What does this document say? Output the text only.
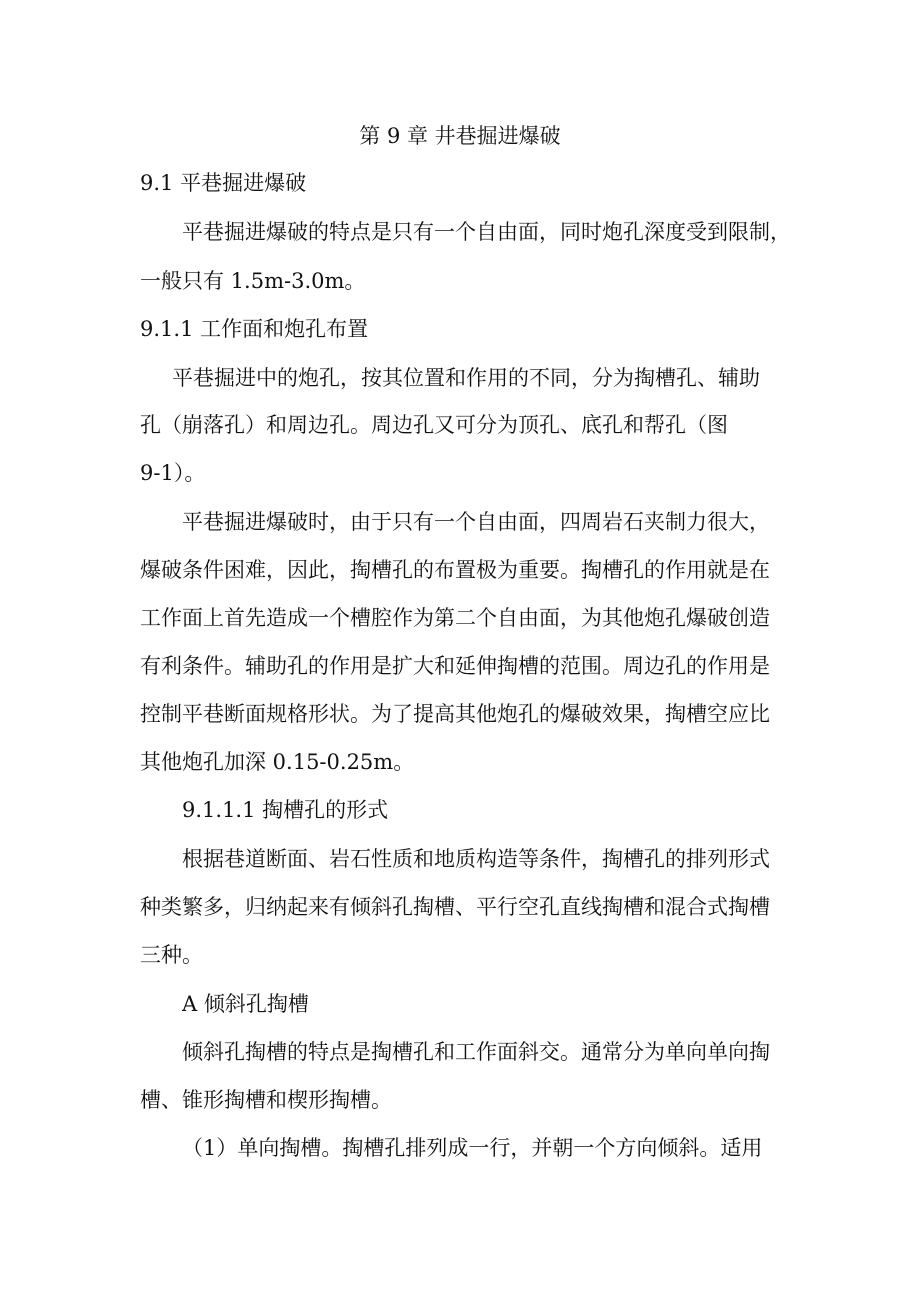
第 9 章 井巷掘进爆破

9.1 平巷掘进爆破

平巷掘进爆破的特点是只有一个自由面，同时炮孔深度受到限制，

一般只有 1.5m-3.0m。

9.1.1 工作面和炮孔布置

平巷掘进中的炮孔，按其位置和作用的不同，分为掏槽孔、辅助

孔（崩落孔）和周边孔。周边孔又可分为顶孔、底孔和帮孔（图

9-1）。

平巷掘进爆破时，由于只有一个自由面，四周岩石夹制力很大，

爆破条件困难，因此，掏槽孔的布置极为重要。掏槽孔的作用就是在

工作面上首先造成一个槽腔作为第二个自由面，为其他炮孔爆破创造

有利条件。辅助孔的作用是扩大和延伸掏槽的范围。周边孔的作用是

控制平巷断面规格形状。为了提高其他炮孔的爆破效果，掏槽空应比

其他炮孔加深 0.15-0.25m。

9.1.1.1 掏槽孔的形式

根据巷道断面、岩石性质和地质构造等条件，掏槽孔的排列形式

种类繁多，归纳起来有倾斜孔掏槽、平行空孔直线掏槽和混合式掏槽

三种。

A 倾斜孔掏槽

倾斜孔掏槽的特点是掏槽孔和工作面斜交。通常分为单向单向掏

槽、锥形掏槽和楔形掏槽。

（1）单向掏槽。掏槽孔排列成一行，并朝一个方向倾斜。适用
